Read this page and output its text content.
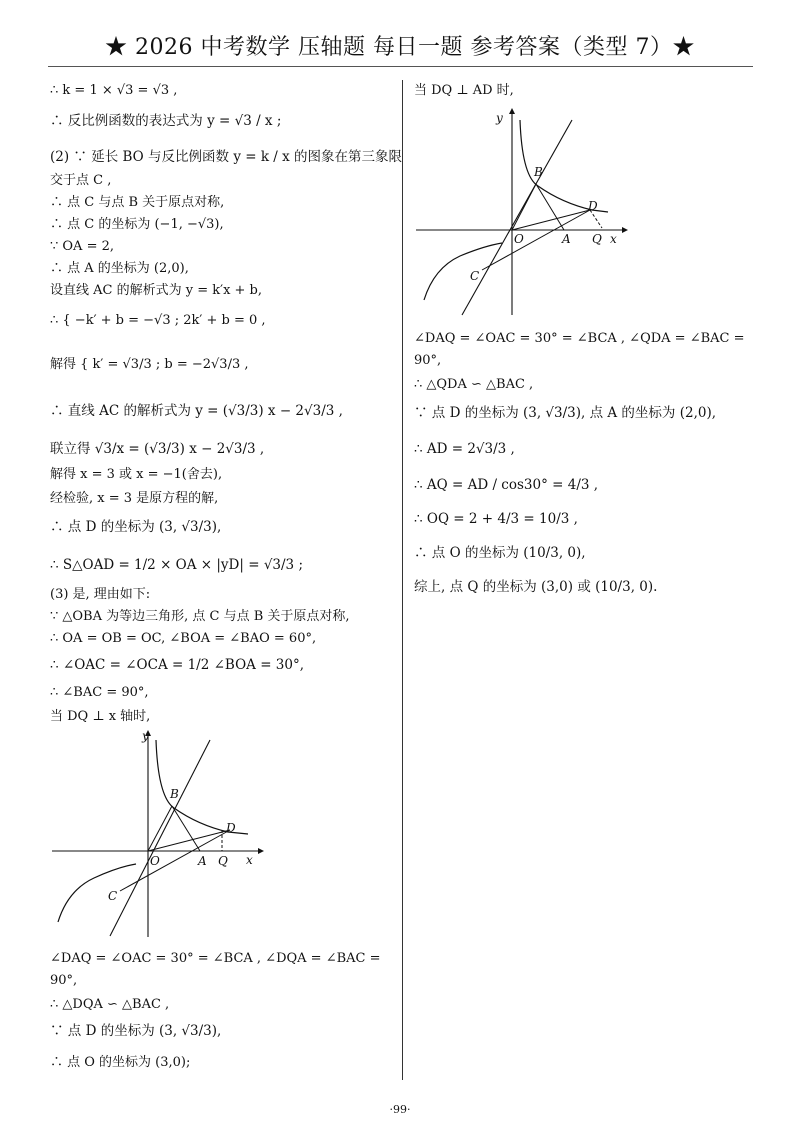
★ 2026 中考数学 压轴题 每日一题 参考答案（类型 7）★
∴ k = 1 × √3 = √3 ,
∴ 反比例函数的表达式为 y = √3 / x ;
(2) ∵ 延长 BO 与反比例函数 y = k / x 的图象在第三象限
交于点 C ,
∴ 点 C 与点 B 关于原点对称,
∴ 点 C 的坐标为 (−1, −√3),
∵ OA = 2,
∴ 点 A 的坐标为 (2,0),
设直线 AC 的解析式为 y = k′x + b,
∴ { −k′ + b = −√3 ; 2k′ + b = 0 ,
解得 { k′ = √3/3 ; b = −2√3/3 ,
∴ 直线 AC 的解析式为 y = (√3/3) x − 2√3/3 ,
联立得 √3/x = (√3/3) x − 2√3/3 ,
解得 x = 3 或 x = −1(舍去),
经检验, x = 3 是原方程的解,
∴ 点 D 的坐标为 (3, √3/3),
∴ S△OAD = 1/2 × OA × |yD| = √3/3 ;
(3) 是, 理由如下:
∵ △OBA 为等边三角形, 点 C 与点 B 关于原点对称,
∴ OA = OB = OC, ∠BOA = ∠BAO = 60°,
∴ ∠OAC = ∠OCA = 1/2 ∠BOA = 30°,
∴ ∠BAC = 90°,
当 DQ ⊥ x 轴时,
y
x
O	A Q
B
C
D
∠DAQ = ∠OAC = 30° = ∠BCA , ∠DQA = ∠BAC =
90°,
∴ △DQA ∽ △BAC ,
∵ 点 D 的坐标为 (3, √3/3),
∴ 点 O 的坐标为 (3,0);
当 DQ ⊥ AD 时,
y
x
O	A Q
B
C
D
∠DAQ = ∠OAC = 30° = ∠BCA , ∠QDA = ∠BAC =
90°,
∴ △QDA ∽ △BAC ,
∵ 点 D 的坐标为 (3, √3/3), 点 A 的坐标为 (2,0),
∴ AD = 2√3/3 ,
∴ AQ = AD / cos30° = 4/3 ,
∴ OQ = 2 + 4/3 = 10/3 ,
∴ 点 O 的坐标为 (10/3, 0),
综上, 点 Q 的坐标为 (3,0) 或 (10/3, 0).
·99·
